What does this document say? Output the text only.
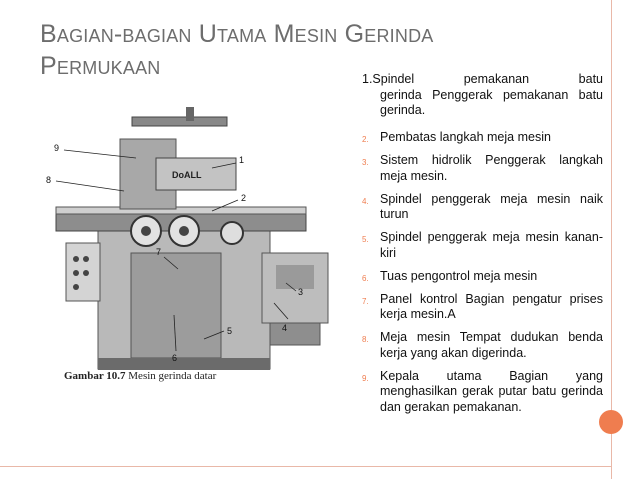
Bagian-bagian Utama Mesin Gerinda Permukaan
DoALL
9
8
1
2
3
4
5
6
7
Gambar 10.7 Mesin gerinda datar
1.Spindel pemakanan batu
gerinda Penggerak pemakanan batu gerinda.
2. Pembatas langkah meja mesin
3. Sistem hidrolik Penggerak langkah meja mesin.
4. Spindel penggerak meja mesin naik turun
5. Spindel penggerak meja mesin kanan-kiri
6. Tuas pengontrol meja mesin
7. Panel kontrol Bagian pengatur prises kerja mesin.A
8. Meja mesin Tempat dudukan benda kerja yang akan digerinda.
9. Kepala utama Bagian yang menghasilkan gerak putar batu gerinda dan gerakan pemakanan.
